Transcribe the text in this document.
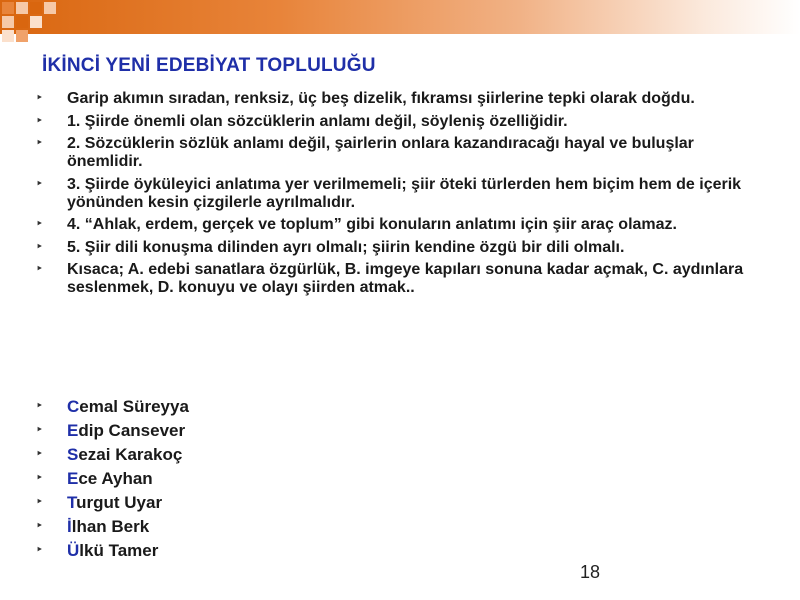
İKİNCİ YENİ EDEBİYAT TOPLULUĞU
‣ Garip akımın sıradan, renksiz, üç beş dizelik, fıkramsı şiirlerine tepki olarak doğdu.
‣ 1. Şiirde önemli olan sözcüklerin anlamı değil, söyleniş özelliğidir.
‣ 2. Sözcüklerin sözlük anlamı değil, şairlerin onlara kazandıracağı hayal ve buluşlar önemlidir.
‣ 3. Şiirde öyküleyici anlatıma yer verilmemeli; şiir öteki türlerden hem biçim hem de içerik yönünden kesin çizgilerle ayrılmalıdır.
‣ 4. “Ahlak, erdem, gerçek ve toplum” gibi konuların anlatımı için şiir araç olamaz.
‣ 5. Şiir dili konuşma dilinden ayrı olmalı; şiirin kendine özgü bir dili olmalı.
‣ Kısaca; A. edebi sanatlara özgürlük, B. imgeye kapıları sonuna kadar açmak, C. aydınlara seslenmek, D. konuyu ve olayı şiirden atmak..
‣ Cemal Süreyya
‣ Edip Cansever
‣ Sezai Karakoç
‣ Ece Ayhan
‣ Turgut Uyar
‣ İlhan Berk
‣ Ülkü Tamer
18
